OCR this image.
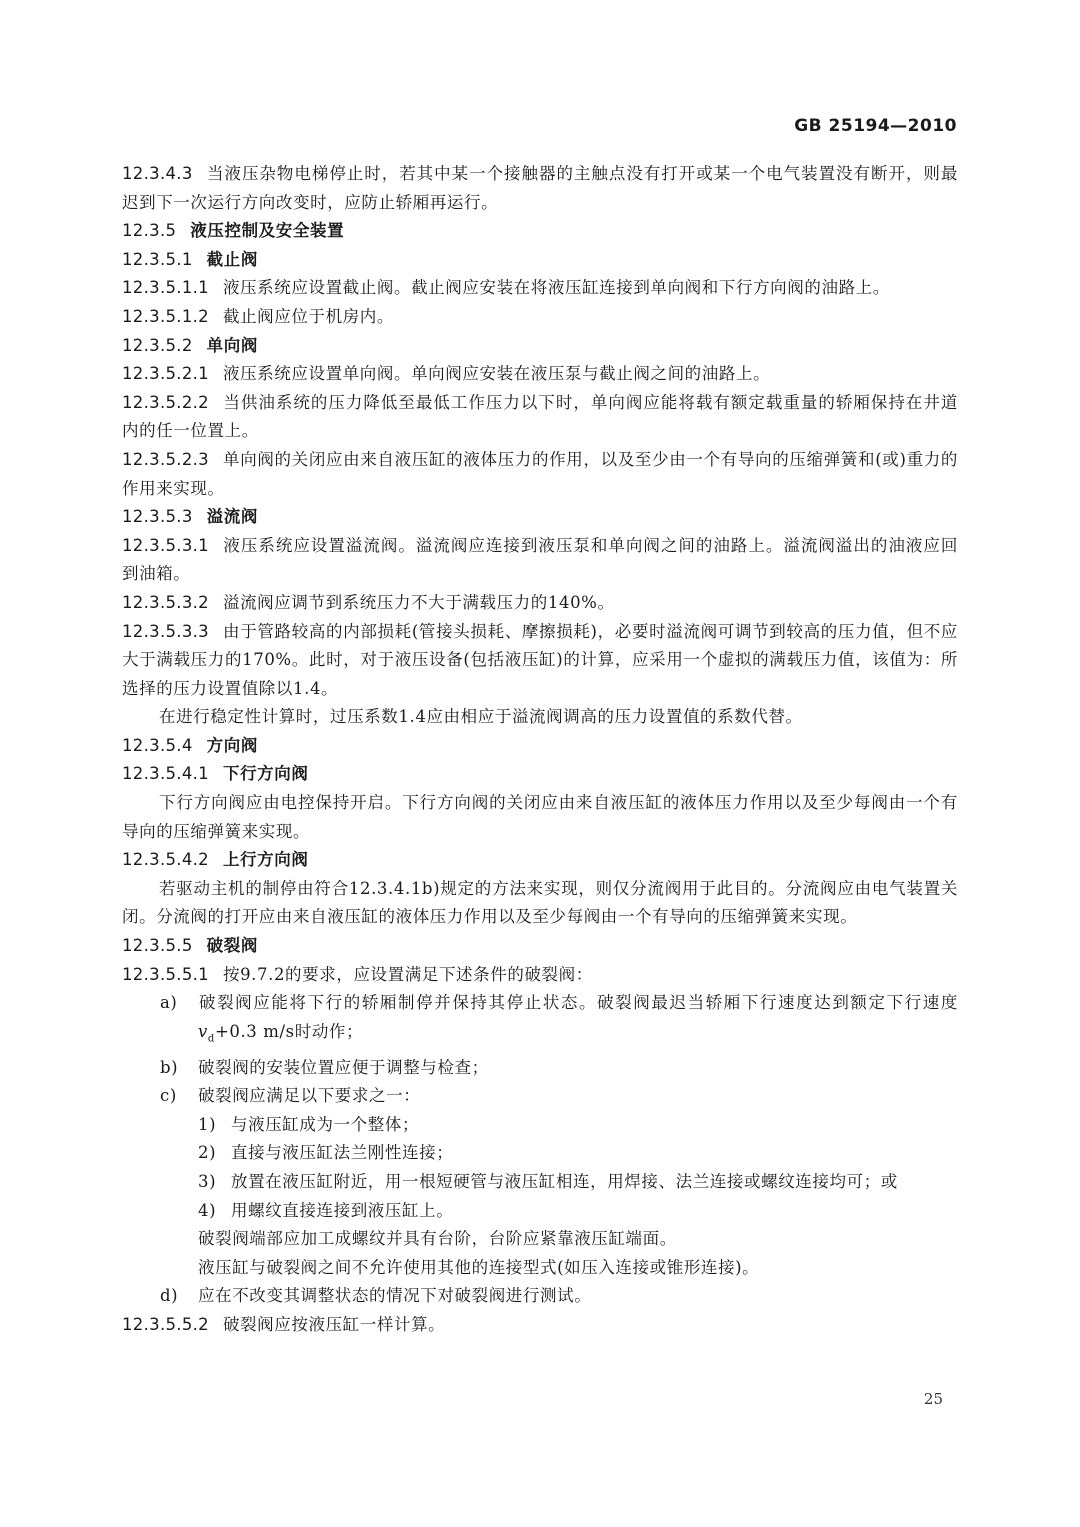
GB 25194—2010

12.3.4.3 当液压杂物电梯停止时，若其中某一个接触器的主触点没有打开或某一个电气装置没有断开，则最迟到下一次运行方向改变时，应防止轿厢再运行。

12.3.5 液压控制及安全装置

12.3.5.1 截止阀

12.3.5.1.1 液压系统应设置截止阀。截止阀应安装在将液压缸连接到单向阀和下行方向阀的油路上。

12.3.5.1.2 截止阀应位于机房内。

12.3.5.2 单向阀

12.3.5.2.1 液压系统应设置单向阀。单向阀应安装在液压泵与截止阀之间的油路上。

12.3.5.2.2 当供油系统的压力降低至最低工作压力以下时，单向阀应能将载有额定载重量的轿厢保持在井道内的任一位置上。

12.3.5.2.3 单向阀的关闭应由来自液压缸的液体压力的作用，以及至少由一个有导向的压缩弹簧和(或)重力的作用来实现。

12.3.5.3 溢流阀

12.3.5.3.1 液压系统应设置溢流阀。溢流阀应连接到液压泵和单向阀之间的油路上。溢流阀溢出的油液应回到油箱。

12.3.5.3.2 溢流阀应调节到系统压力不大于满载压力的140%。

12.3.5.3.3 由于管路较高的内部损耗(管接头损耗、摩擦损耗)，必要时溢流阀可调节到较高的压力值，但不应大于满载压力的170%。此时，对于液压设备(包括液压缸)的计算，应采用一个虚拟的满载压力值，该值为：所选择的压力设置值除以1.4。

在进行稳定性计算时，过压系数1.4应由相应于溢流阀调高的压力设置值的系数代替。

12.3.5.4 方向阀

12.3.5.4.1 下行方向阀

下行方向阀应由电控保持开启。下行方向阀的关闭应由来自液压缸的液体压力作用以及至少每阀由一个有导向的压缩弹簧来实现。

12.3.5.4.2 上行方向阀

若驱动主机的制停由符合12.3.4.1b)规定的方法来实现，则仅分流阀用于此目的。分流阀应由电气装置关闭。分流阀的打开应由来自液压缸的液体压力作用以及至少每阀由一个有导向的压缩弹簧来实现。

12.3.5.5 破裂阀

12.3.5.5.1 按9.7.2的要求，应设置满足下述条件的破裂阀：

a) 破裂阀应能将下行的轿厢制停并保持其停止状态。破裂阀最迟当轿厢下行速度达到额定下行速度 $v_d+0.3$ m/s时动作；

b) 破裂阀的安装位置应便于调整与检查；

c) 破裂阀应满足以下要求之一：

1) 与液压缸成为一个整体；

2) 直接与液压缸法兰刚性连接；

3) 放置在液压缸附近，用一根短硬管与液压缸相连，用焊接、法兰连接或螺纹连接均可；或

4) 用螺纹直接连接到液压缸上。

破裂阀端部应加工成螺纹并具有台阶，台阶应紧靠液压缸端面。

液压缸与破裂阀之间不允许使用其他的连接型式(如压入连接或锥形连接)。

d) 应在不改变其调整状态的情况下对破裂阀进行测试。

12.3.5.5.2 破裂阀应按液压缸一样计算。

25
